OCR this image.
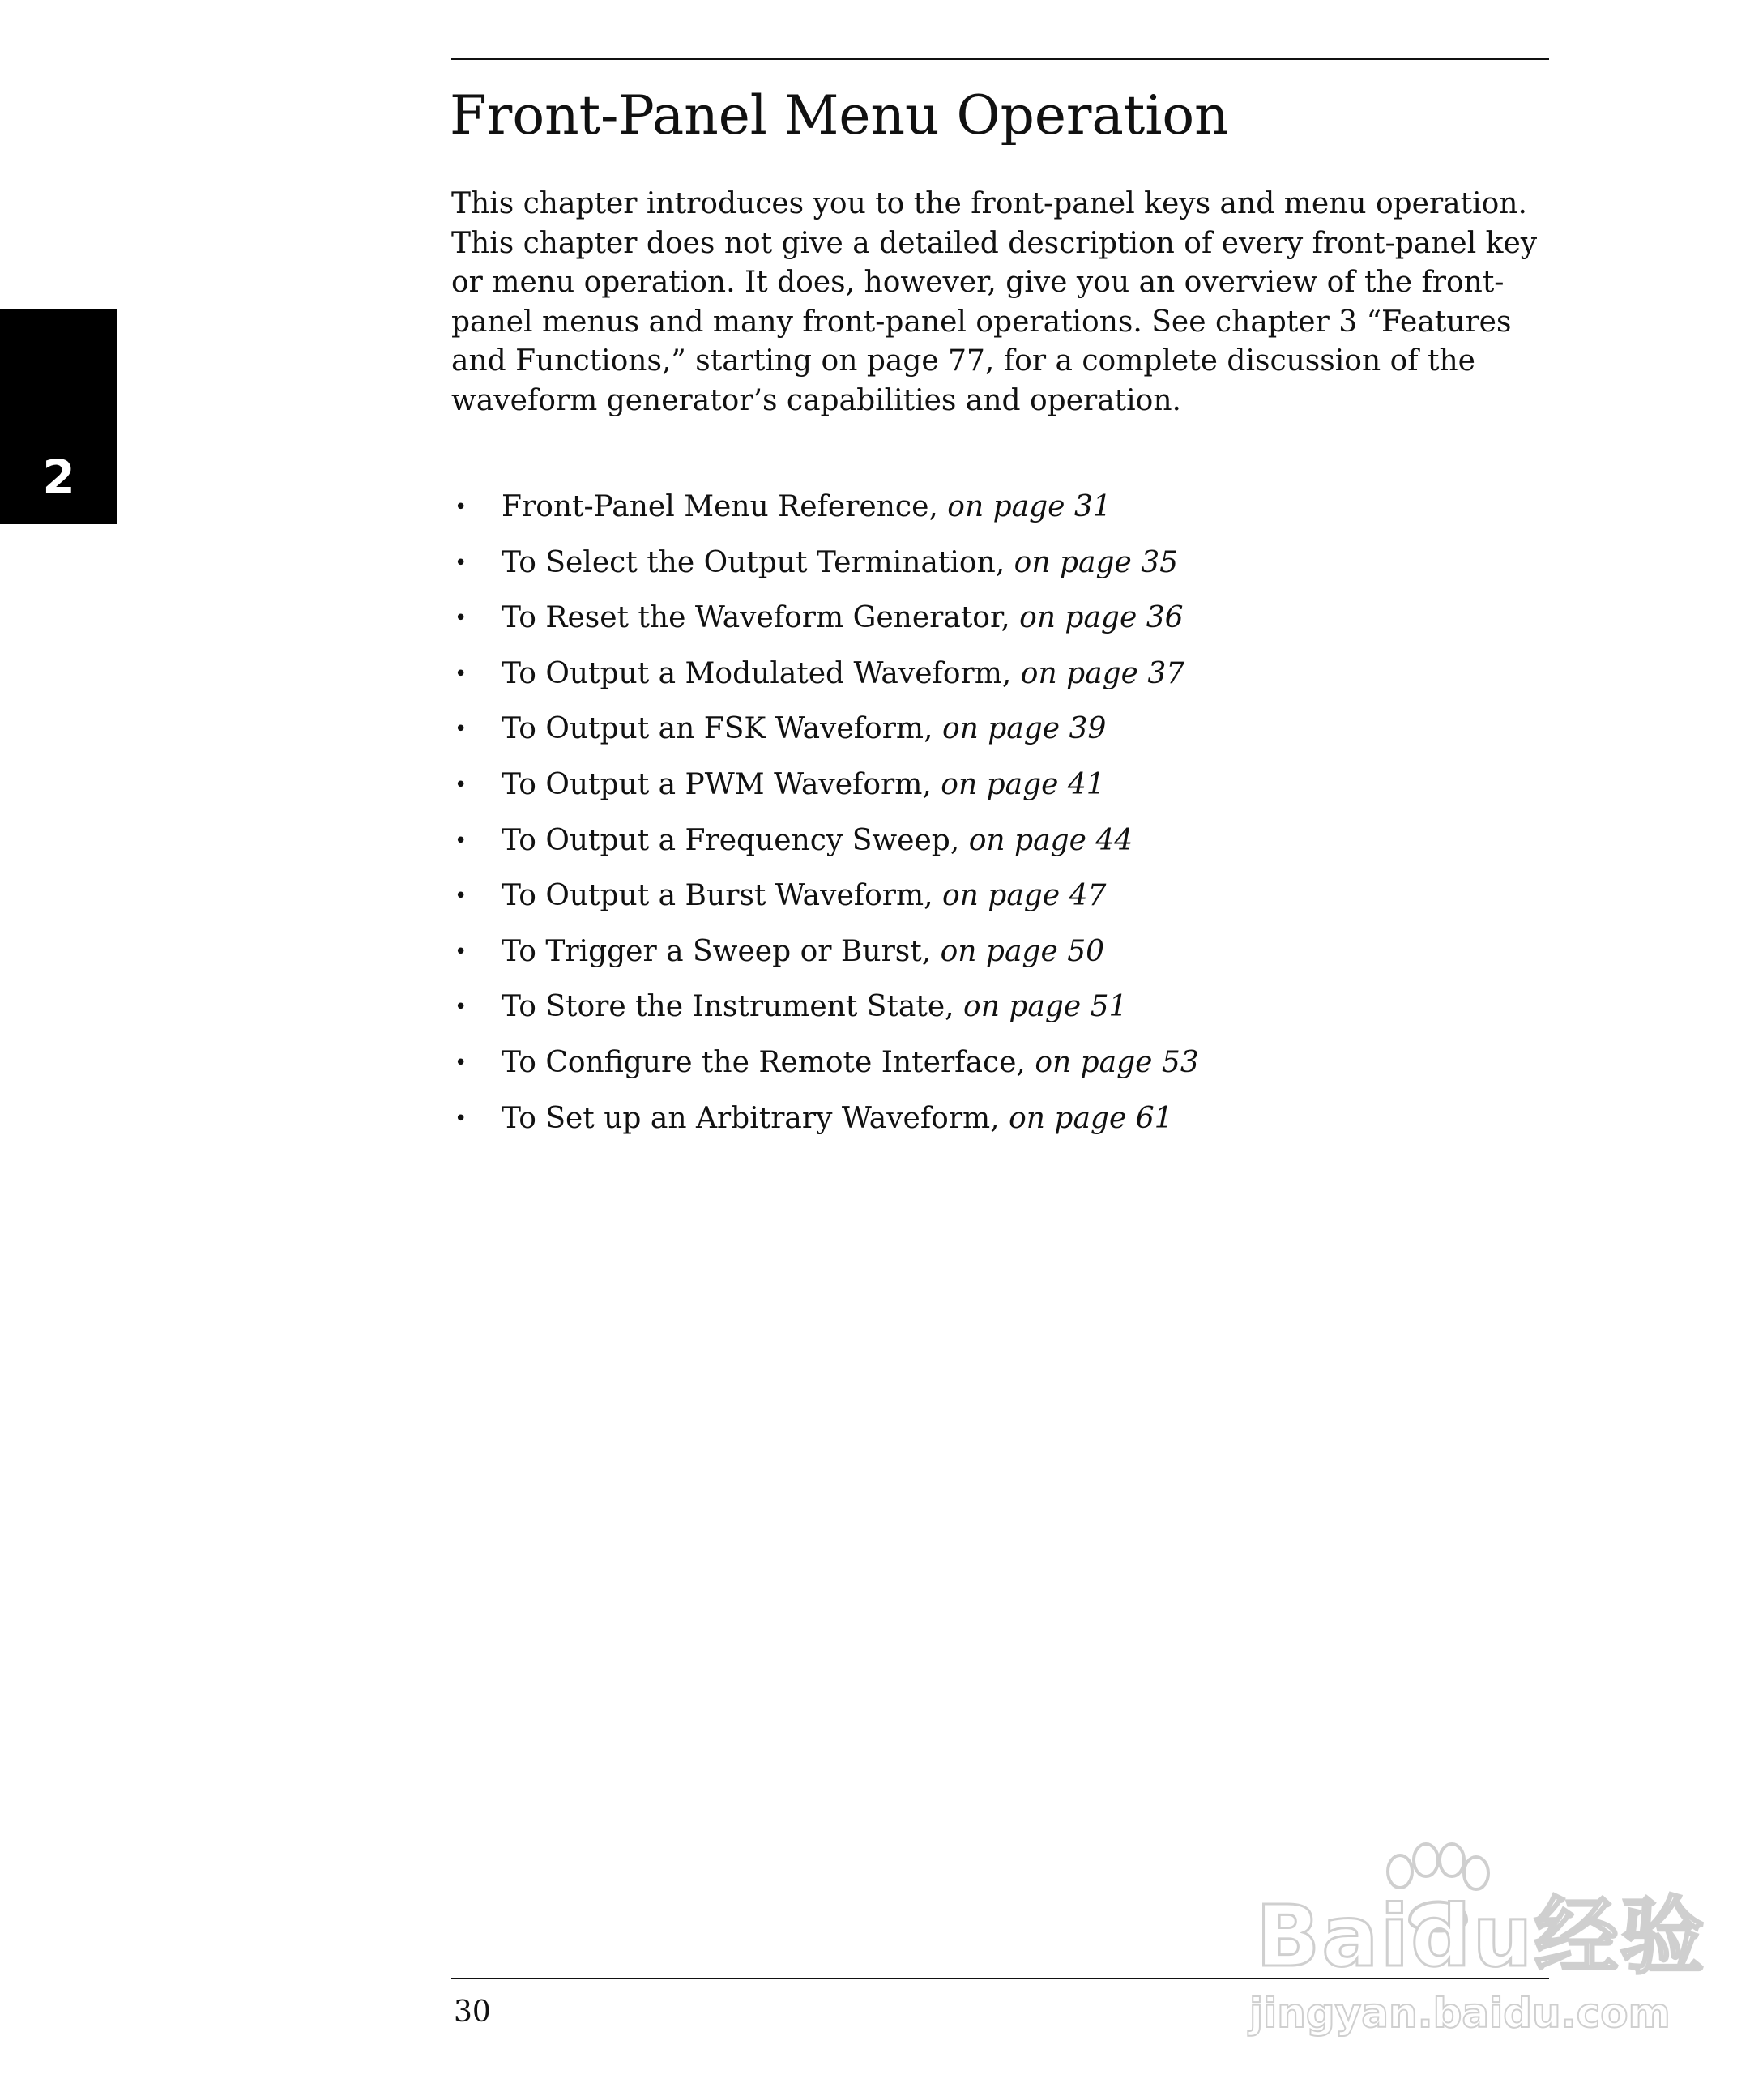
Front-Panel Menu Operation
This chapter introduces you to the front-panel keys and menu operation.
This chapter does not give a detailed description of every front-panel key
or menu operation. It does, however, give you an overview of the front-
panel menus and many front-panel operations. See chapter 3 “Features
and Functions,” starting on page 77, for a complete discussion of the
waveform generator’s capabilities and operation.
2
• Front-Panel Menu Reference, on page 31
• To Select the Output Termination, on page 35
• To Reset the Waveform Generator, on page 36
• To Output a Modulated Waveform, on page 37
• To Output an FSK Waveform, on page 39
• To Output a PWM Waveform, on page 41
• To Output a Frequency Sweep, on page 44
• To Output a Burst Waveform, on page 47
• To Trigger a Sweep or Burst, on page 50
• To Store the Instrument State, on page 51
• To Configure the Remote Interface, on page 53
• To Set up an Arbitrary Waveform, on page 61
30
Baidu经验
jingyan.baidu.com
